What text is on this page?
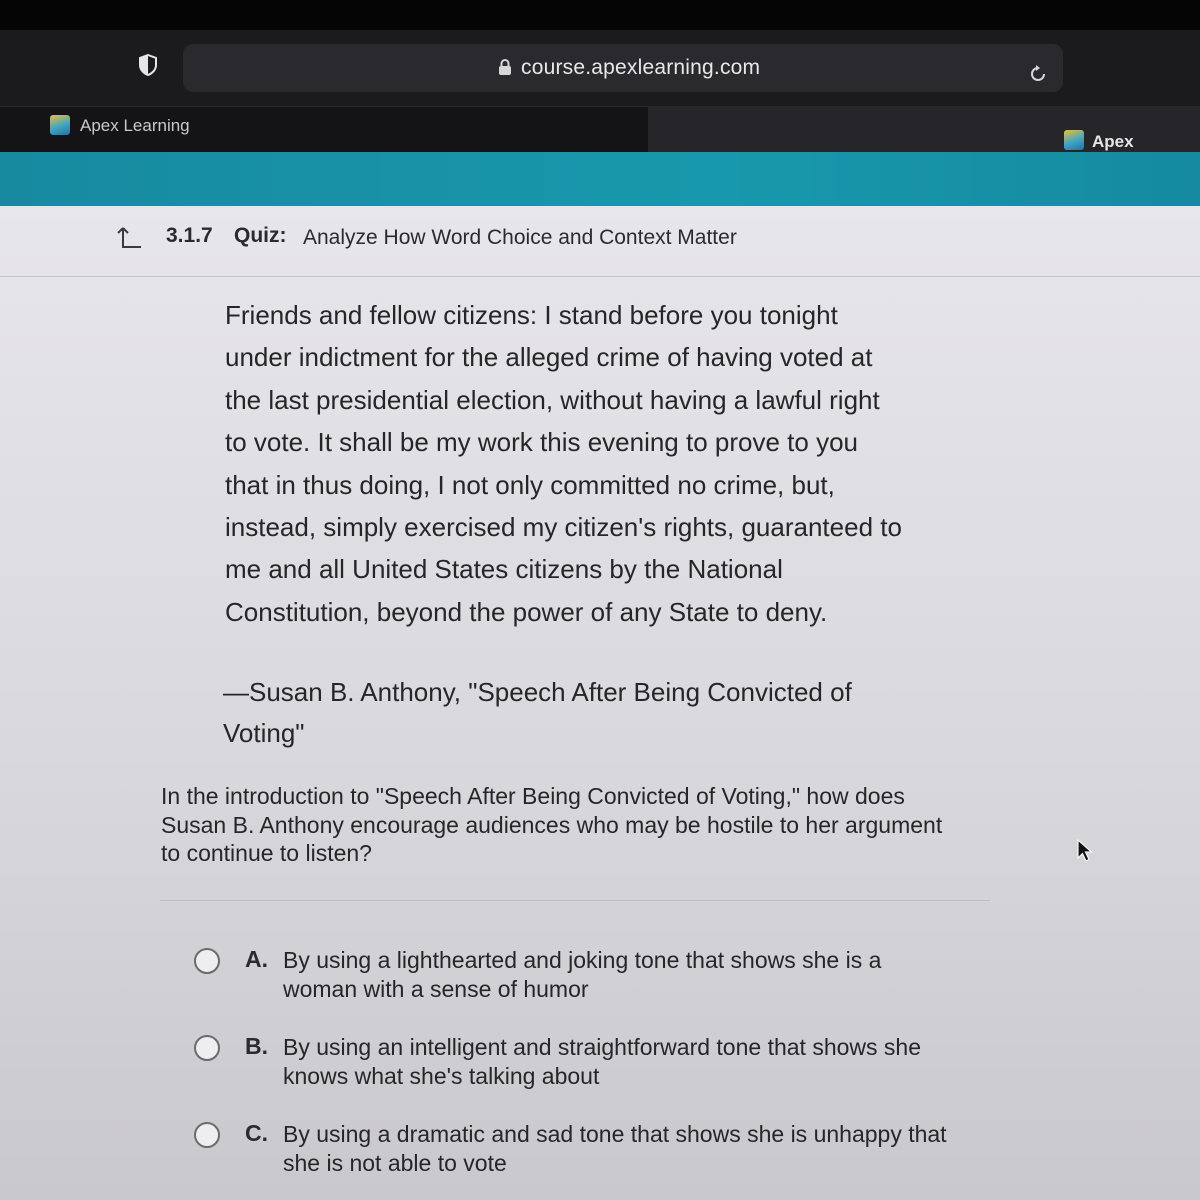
course.apexlearning.com
Apex Learning
Apex
3.1.7 Quiz: Analyze How Word Choice and Context Matter
Friends and fellow citizens: I stand before you tonight
under indictment for the alleged crime of having voted at
the last presidential election, without having a lawful right
to vote. It shall be my work this evening to prove to you
that in thus doing, I not only committed no crime, but,
instead, simply exercised my citizen's rights, guaranteed to
me and all United States citizens by the National
Constitution, beyond the power of any State to deny.
—Susan B. Anthony, "Speech After Being Convicted of
Voting"
In the introduction to "Speech After Being Convicted of Voting," how does
Susan B. Anthony encourage audiences who may be hostile to her argument
to continue to listen?
A. By using a lighthearted and joking tone that shows she is a
woman with a sense of humor
B. By using an intelligent and straightforward tone that shows she
knows what she's talking about
C. By using a dramatic and sad tone that shows she is unhappy that
she is not able to vote
